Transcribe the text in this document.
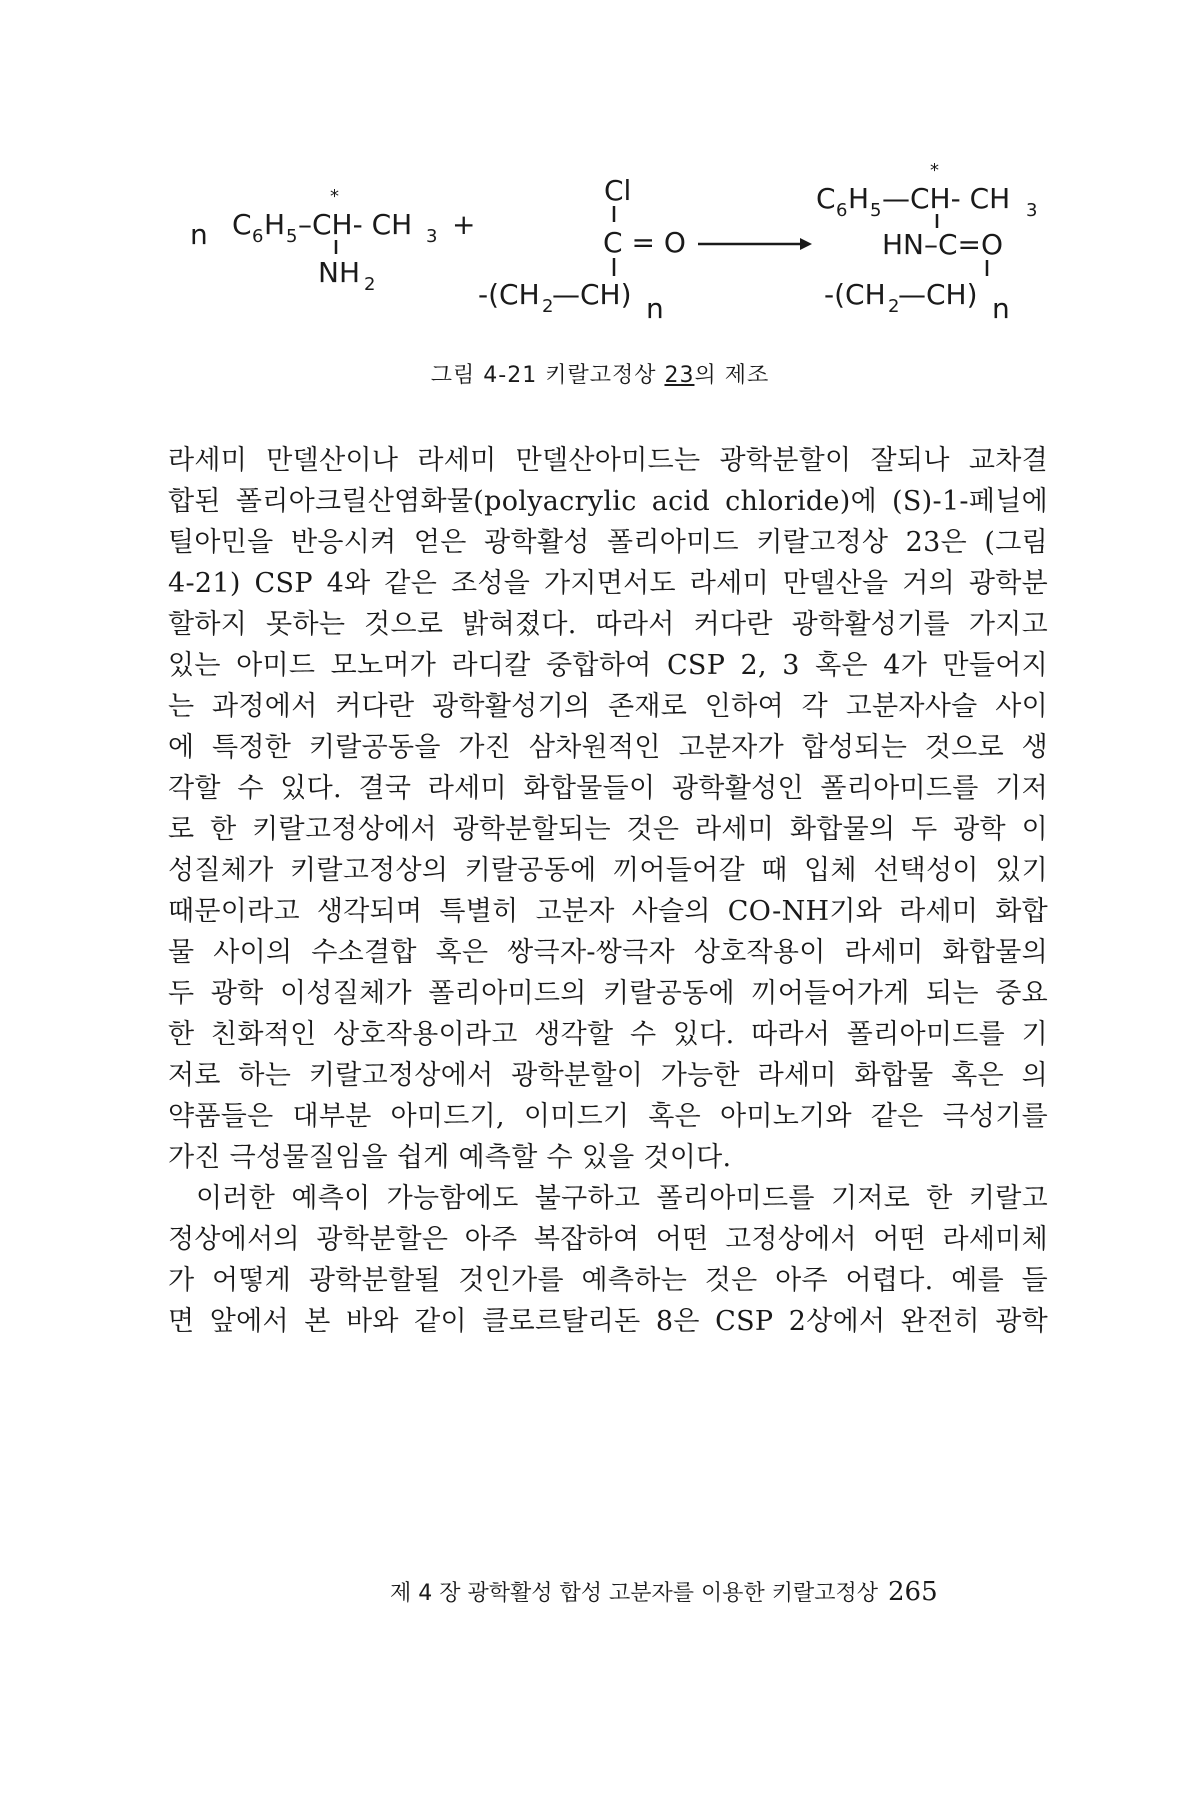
n C 6 H 5 –CH- CH 3
*
NH 2
+
Cl
C = O
-(CH 2
—CH) n
C 6 H 5 —CH- CH 3
*
HN–C=O
-(CH 2
—CH) n
그림 4-21 키랄고정상 23의 제조
라세미 만델산이나 라세미 만델산아미드는 광학분할이 잘되나 교차결
합된 폴리아크릴산염화물(polyacrylic acid chloride)에 (S)-1-페닐에
틸아민을 반응시켜 얻은 광학활성 폴리아미드 키랄고정상 23은 (그림
4-21) CSP 4와 같은 조성을 가지면서도 라세미 만델산을 거의 광학분
할하지 못하는 것으로 밝혀졌다. 따라서 커다란 광학활성기를 가지고
있는 아미드 모노머가 라디칼 중합하여 CSP 2, 3 혹은 4가 만들어지
는 과정에서 커다란 광학활성기의 존재로 인하여 각 고분자사슬 사이
에 특정한 키랄공동을 가진 삼차원적인 고분자가 합성되는 것으로 생
각할 수 있다. 결국 라세미 화합물들이 광학활성인 폴리아미드를 기저
로 한 키랄고정상에서 광학분할되는 것은 라세미 화합물의 두 광학 이
성질체가 키랄고정상의 키랄공동에 끼어들어갈 때 입체 선택성이 있기
때문이라고 생각되며 특별히 고분자 사슬의 CO-NH기와 라세미 화합
물 사이의 수소결합 혹은 쌍극자-쌍극자 상호작용이 라세미 화합물의
두 광학 이성질체가 폴리아미드의 키랄공동에 끼어들어가게 되는 중요
한 친화적인 상호작용이라고 생각할 수 있다. 따라서 폴리아미드를 기
저로 하는 키랄고정상에서 광학분할이 가능한 라세미 화합물 혹은 의
약품들은 대부분 아미드기, 이미드기 혹은 아미노기와 같은 극성기를
가진 극성물질임을 쉽게 예측할 수 있을 것이다.
이러한 예측이 가능함에도 불구하고 폴리아미드를 기저로 한 키랄고
정상에서의 광학분할은 아주 복잡하여 어떤 고정상에서 어떤 라세미체
가 어떻게 광학분할될 것인가를 예측하는 것은 아주 어렵다. 예를 들
면 앞에서 본 바와 같이 클로르탈리돈 8은 CSP 2상에서 완전히 광학
제 4 장 광학활성 합성 고분자를 이용한 키랄고정상 265
